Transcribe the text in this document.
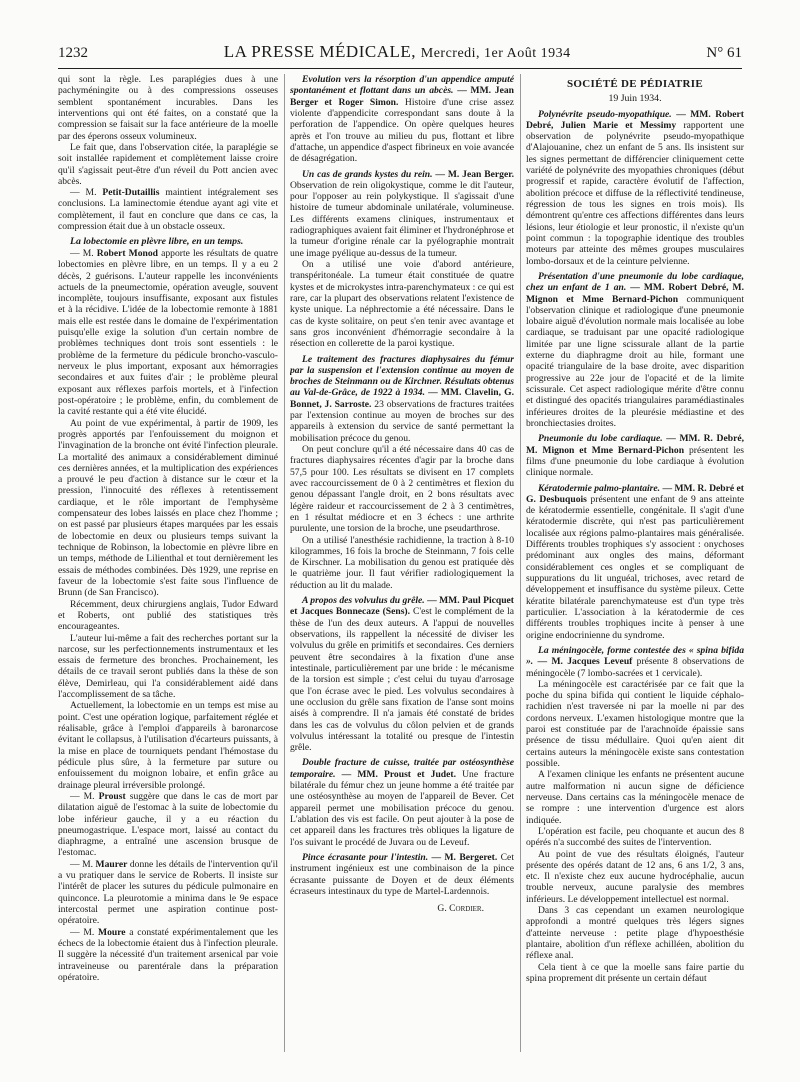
1232	LA PRESSE MÉDICALE, Mercredi, 1er Août 1934	N° 61

qui sont la règle. Les paraplégies dues à une pachyméningite ou à des compressions osseuses semblent spontanément incurables. Dans les interventions qui ont été faites, on a constaté que la compression se faisait sur la face antérieure de la moelle par des éperons osseux volumineux.

Le fait que, dans l'observation citée, la paraplégie se soit installée rapidement et complètement laisse croire qu'il s'agissait peut-être d'un réveil du Pott ancien avec abcès.

— M. Petit-Dutaillis maintient intégralement ses conclusions. La laminectomie étendue ayant agi vite et complètement, il faut en conclure que dans ce cas, la compression était due à un obstacle osseux.

La lobectomie en plèvre libre, en un temps.

— M. Robert Monod apporte les résultats de quatre lobectomies en plèvre libre, en un temps. Il y a eu 2 décès, 2 guérisons. L'auteur rappelle les inconvénients actuels de la pneumectomie, opération aveugle, souvent incomplète, toujours insuffisante, exposant aux fistules et à la récidive. L'idée de la lobectomie remonte à 1881 mais elle est restée dans le domaine de l'expérimentation puisqu'elle exige la solution d'un certain nombre de problèmes techniques dont trois sont essentiels : le problème de la fermeture du pédicule broncho-vasculo-nerveux le plus important, exposant aux hémorragies secondaires et aux fuites d'air ; le problème pleural exposant aux réflexes parfois mortels, et à l'infection post-opératoire ; le problème, enfin, du comblement de la cavité restante qui a été vite élucidé.

Au point de vue expérimental, à partir de 1909, les progrès apportés par l'enfouissement du moignon et l'invagination de la bronche ont évité l'infection pleurale. La mortalité des animaux a considérablement diminué ces dernières années, et la multiplication des expériences a prouvé le peu d'action à distance sur le cœur et la pression, l'innocuité des réflexes à retentissement cardiaque, et le rôle important de l'emphysème compensateur des lobes laissés en place chez l'homme ; on est passé par plusieurs étapes marquées par les essais de lobectomie en deux ou plusieurs temps suivant la technique de Robinson, la lobectomie en plèvre libre en un temps, méthode de Lilienthal et tout dernièrement les essais de méthodes combinées. Dès 1929, une reprise en faveur de la lobectomie s'est faite sous l'influence de Brunn (de San Francisco).

Récemment, deux chirurgiens anglais, Tudor Edward et Roberts, ont publié des statistiques très encourageantes.

L'auteur lui-même a fait des recherches portant sur la narcose, sur les perfectionnements instrumentaux et les essais de fermeture des bronches. Prochainement, les détails de ce travail seront publiés dans la thèse de son élève, Demirleau, qui l'a considérablement aidé dans l'accomplissement de sa tâche.

Actuellement, la lobectomie en un temps est mise au point. C'est une opération logique, parfaitement réglée et réalisable, grâce à l'emploi d'appareils à baronarcose évitant le collapsus, à l'utilisation d'écarteurs puissants, à la mise en place de tourniquets pendant l'hémostase du pédicule plus sûre, à la fermeture par suture ou enfouissement du moignon lobaire, et enfin grâce au drainage pleural irréversible prolongé.

— M. Proust suggère que dans le cas de mort par dilatation aiguë de l'estomac à la suite de lobectomie du lobe inférieur gauche, il y a eu réaction du pneumogastrique. L'espace mort, laissé au contact du diaphragme, a entraîné une ascension brusque de l'estomac.

— M. Maurer donne les détails de l'intervention qu'il a vu pratiquer dans le service de Roberts. Il insiste sur l'intérêt de placer les sutures du pédicule pulmonaire en quinconce. La pleurotomie a minima dans le 9e espace intercostal permet une aspiration continue post-opératoire.

— M. Moure a constaté expérimentalement que les échecs de la lobectomie étaient dus à l'infection pleurale. Il suggère la nécessité d'un traitement arsenical par voie intraveineuse ou parentérale dans la préparation opératoire.

Evolution vers la résorption d'un appendice amputé spontanément et flottant dans un abcès. — MM. Jean Berger et Roger Simon. Histoire d'une crise assez violente d'appendicite correspondant sans doute à la perforation de l'appendice. On opère quelques heures après et l'on trouve au milieu du pus, flottant et libre d'attache, un appendice d'aspect fibrineux en voie avancée de désagrégation.

Un cas de grands kystes du rein. — M. Jean Berger. Observation de rein oligokystique, comme le dit l'auteur, pour l'opposer au rein polykystique. Il s'agissait d'une histoire de tumeur abdominale unilatérale, volumineuse. Les différents examens cliniques, instrumentaux et radiographiques avaient fait éliminer et l'hydronéphrose et la tumeur d'origine rénale car la pyélographie montrait une image pyélique au-dessus de la tumeur.

On a utilisé une voie d'abord antérieure, transpéritonéale. La tumeur était constituée de quatre kystes et de microkystes intra-parenchymateux : ce qui est rare, car la plupart des observations relatent l'existence de kyste unique. La néphrectomie a été nécessaire. Dans le cas de kyste solitaire, on peut s'en tenir avec avantage et sans gros inconvénient d'hémorragie secondaire à la résection en collerette de la paroi kystique.

Le traitement des fractures diaphysaires du fémur par la suspension et l'extension continue au moyen de broches de Steinmann ou de Kirchner. Résultats obtenus au Val-de-Grâce, de 1922 à 1934. — MM. Clavelin, G. Bonnet, J. Sarroste. 23 observations de fractures traitées par l'extension continue au moyen de broches sur des appareils à extension du service de santé permettant la mobilisation précoce du genou.

On peut conclure qu'il a été nécessaire dans 40 cas de fractures diaphysaires récentes d'agir par la broche dans 57,5 pour 100. Les résultats se divisent en 17 complets avec raccourcissement de 0 à 2 centimètres et flexion du genou dépassant l'angle droit, en 2 bons résultats avec légère raideur et raccourcissement de 2 à 3 centimètres, en 1 résultat médiocre et en 3 échecs : une arthrite purulente, une torsion de la broche, une pseudarthrose.

On a utilisé l'anesthésie rachidienne, la traction à 8-10 kilogrammes, 16 fois la broche de Steinmann, 7 fois celle de Kirschner. La mobilisation du genou est pratiquée dès le quatrième jour. Il faut vérifier radiologiquement la réduction au lit du malade.

A propos des volvulus du grêle. — MM. Paul Picquet et Jacques Bonnecaze (Sens). C'est le complément de la thèse de l'un des deux auteurs. A l'appui de nouvelles observations, ils rappellent la nécessité de diviser les volvulus du grêle en primitifs et secondaires. Ces derniers peuvent être secondaires à la fixation d'une anse intestinale, particulièrement par une bride : le mécanisme de la torsion est simple ; c'est celui du tuyau d'arrosage que l'on écrase avec le pied. Les volvulus secondaires à une occlusion du grêle sans fixation de l'anse sont moins aisés à comprendre. Il n'a jamais été constaté de brides dans les cas de volvulus du côlon pelvien et de grands volvulus intéressant la totalité ou presque de l'intestin grêle.

Double fracture de cuisse, traitée par ostéosynthèse temporaire. — MM. Proust et Judet. Une fracture bilatérale du fémur chez un jeune homme a été traitée par une ostéosynthèse au moyen de l'appareil de Bever. Cet appareil permet une mobilisation précoce du genou. L'ablation des vis est facile. On peut ajouter à la pose de cet appareil dans les fractures très obliques la ligature de l'os suivant le procédé de Juvara ou de Leveuf.

Pince écrasante pour l'intestin. — M. Bergeret. Cet instrument ingénieux est une combinaison de la pince écrasante puissante de Doyen et de deux éléments écraseurs intestinaux du type de Martel-Lardennois.

G. Cordier.
SOCIÉTÉ DE PÉDIATRIE
19 Juin 1934.

Polynévrite pseudo-myopathique. — MM. Robert Debré, Julien Marie et Messimy rapportent une observation de polynévrite pseudo-myopathique d'Alajouanine, chez un enfant de 5 ans. Ils insistent sur les signes permettant de différencier cliniquement cette variété de polynévrite des myopathies chroniques (début progressif et rapide, caractère évolutif de l'affection, abolition précoce et diffuse de la réflectivité tendineuse, régression de tous les signes en trois mois). Ils démontrent qu'entre ces affections différentes dans leurs lésions, leur étiologie et leur pronostic, il n'existe qu'un point commun : la topographie identique des troubles moteurs par atteinte des mêmes groupes musculaires lombo-dorsaux et de la ceinture pelvienne.

Présentation d'une pneumonie du lobe cardiaque, chez un enfant de 1 an. — MM. Robert Debré, M. Mignon et Mme Bernard-Pichon communiquent l'observation clinique et radiologique d'une pneumonie lobaire aiguë d'évolution normale mais localisée au lobe cardiaque, se traduisant par une opacité radiologique limitée par une ligne scissurale allant de la partie externe du diaphragme droit au hile, formant une opacité triangulaire de la base droite, avec disparition progressive au 22e jour de l'opacité et de la limite scissurale. Cet aspect radiologique mérite d'être connu et distingué des opacités triangulaires paramédiastinales inférieures droites de la pleurésie médiastine et des bronchiectasies droites.

Pneumonie du lobe cardiaque. — MM. R. Debré, M. Mignon et Mme Bernard-Pichon présentent les films d'une pneumonie du lobe cardiaque à évolution clinique normale.

Kératodermie palmo-plantaire. — MM. R. Debré et G. Desbuquois présentent une enfant de 9 ans atteinte de kératodermie essentielle, congénitale. Il s'agit d'une kératodermie discrète, qui n'est pas particulièrement localisée aux régions palmo-plantaires mais généralisée. Différents troubles trophiques s'y associent : onychoses prédominant aux ongles des mains, déformant considérablement ces ongles et se compliquant de suppurations du lit unguéal, trichoses, avec retard de développement et insuffisance du système pileux. Cette kératite bilatérale parenchymateuse est d'un type très particulier. L'association à la kératodermie de ces différents troubles trophiques incite à penser à une origine endocrinienne du syndrome.

La méningocèle, forme contestée des « spina bifida ». — M. Jacques Leveuf présente 8 observations de méningocèle (7 lombo-sacrées et 1 cervicale).

La méningocèle est caractérisée par ce fait que la poche du spina bifida qui contient le liquide céphalo-rachidien n'est traversée ni par la moelle ni par des cordons nerveux. L'examen histologique montre que la paroi est constituée par de l'arachnoïde épaissie sans présence de tissu médullaire. Quoi qu'en aient dit certains auteurs la méningocèle existe sans contestation possible.

A l'examen clinique les enfants ne présentent aucune autre malformation ni aucun signe de déficience nerveuse. Dans certains cas la méningocèle menace de se rompre : une intervention d'urgence est alors indiquée.

L'opération est facile, peu choquante et aucun des 8 opérés n'a succombé des suites de l'intervention.

Au point de vue des résultats éloignés, l'auteur présente des opérés datant de 12 ans, 6 ans 1/2, 3 ans, etc. Il n'existe chez eux aucune hydrocéphalie, aucun trouble nerveux, aucune paralysie des membres inférieurs. Le développement intellectuel est normal.

Dans 3 cas cependant un examen neurologique approfondi a montré quelques très légers signes d'atteinte nerveuse : petite plage d'hypoesthésie plantaire, abolition d'un réflexe achilléen, abolition du réflexe anal.

Cela tient à ce que la moelle sans faire partie du spina proprement dit présente un certain défaut
